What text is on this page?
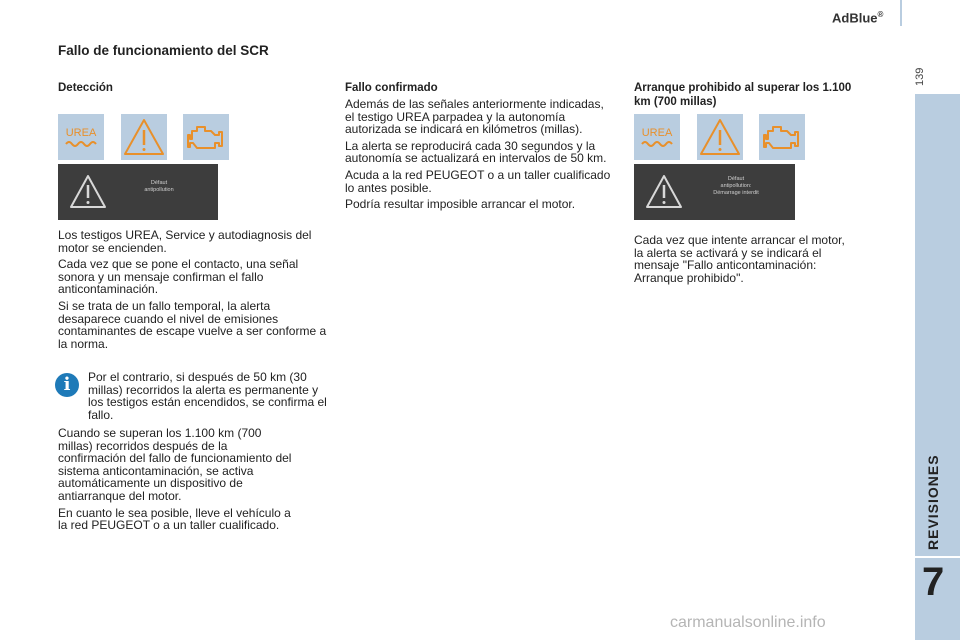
AdBlue®
139
REVISIONES
7
Fallo de funcionamiento del SCR
Detección
UREA
Défaut
antipollution

Los testigos UREA, Service y autodiagnosis del motor se encienden.

Cada vez que se pone el contacto, una señal sonora y un mensaje confirman el fallo anticontaminación.

Si se trata de un fallo temporal, la alerta desaparece cuando el nivel de emisiones contaminantes de escape vuelve a ser conforme a la norma.

i	Por el contrario, si después de 50 km (30 millas) recorridos la alerta es permanente y los testigos están encendidos, se confirma el fallo.

Cuando se superan los 1.100 km (700 millas) recorridos después de la confirmación del fallo de funcionamiento del sistema anticontaminación, se activa automáticamente un dispositivo de antiarranque del motor.

En cuanto le sea posible, lleve el vehículo a la red PEUGEOT o a un taller cualificado.

Fallo confirmado

Además de las señales anteriormente indicadas, el testigo UREA parpadea y la autonomía autorizada se indicará en kilómetros (millas).

La alerta se reproducirá cada 30 segundos y la autonomía se actualizará en intervalos de 50 km.

Acuda a la red PEUGEOT o a un taller cualificado lo antes posible.

Podría resultar imposible arrancar el motor.

Arranque prohibido al superar los 1.100 km (700 millas)
UREA
Défaut
antipollution:
Démarrage interdit

Cada vez que intente arrancar el motor, la alerta se activará y se indicará el mensaje "Fallo anticontaminación: Arranque prohibido".

carmanualsonline.info
